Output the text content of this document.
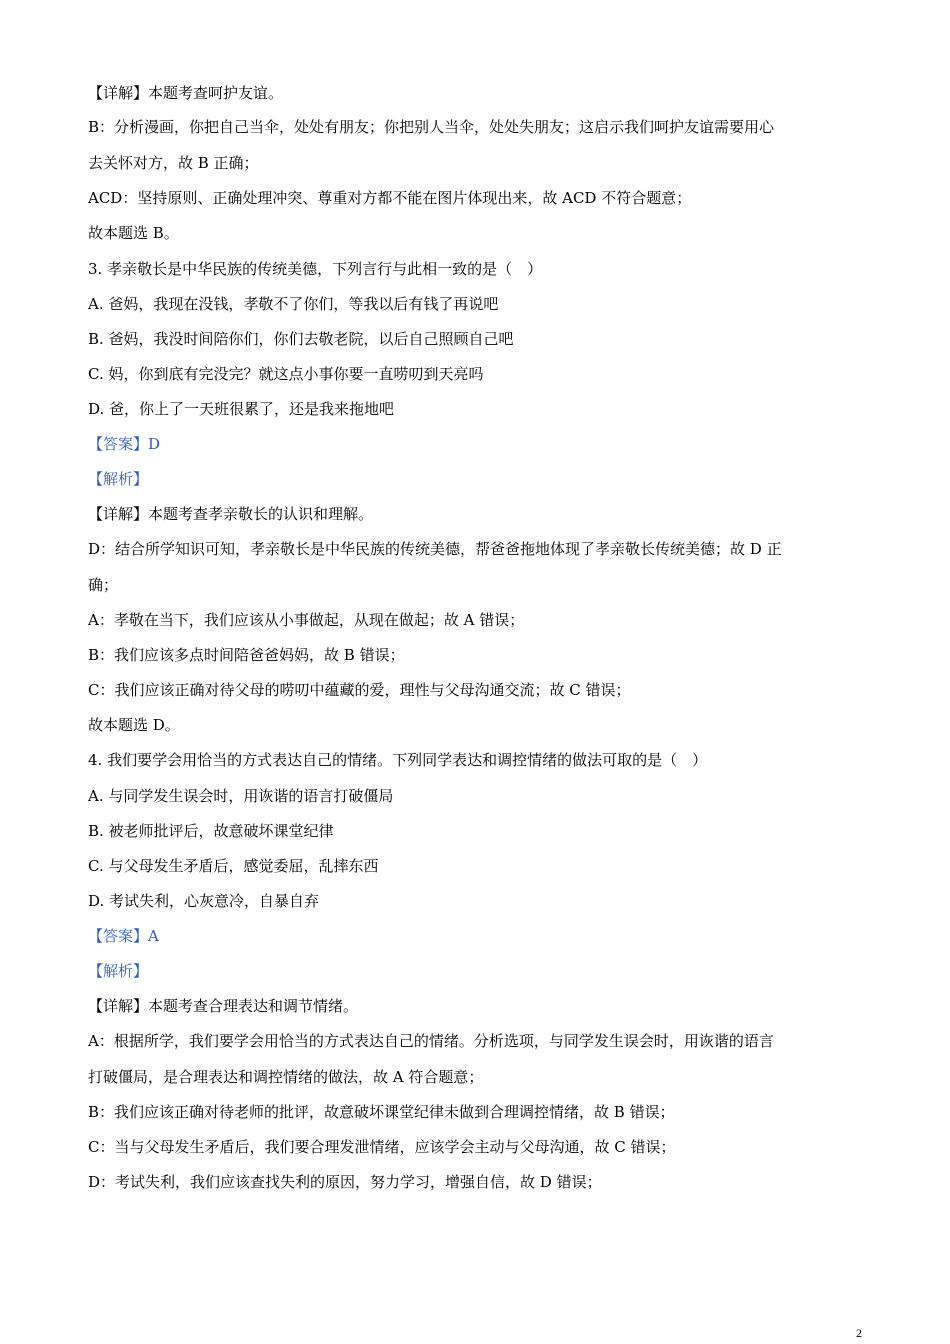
【详解】本题考查呵护友谊。
B：分析漫画，你把自己当伞，处处有朋友；你把别人当伞，处处失朋友；这启示我们呵护友谊需要用心
去关怀对方，故 B 正确；
ACD：坚持原则、正确处理冲突、尊重对方都不能在图片体现出来，故 ACD 不符合题意；
故本题选 B。
3. 孝亲敬长是中华民族的传统美德，下列言行与此相一致的是（　）
A. 爸妈，我现在没钱，孝敬不了你们，等我以后有钱了再说吧
B. 爸妈，我没时间陪你们，你们去敬老院，以后自己照顾自己吧
C. 妈，你到底有完没完？就这点小事你要一直唠叨到天亮吗
D. 爸，你上了一天班很累了，还是我来拖地吧
【答案】D
【解析】
【详解】本题考查孝亲敬长的认识和理解。
D：结合所学知识可知，孝亲敬长是中华民族的传统美德，帮爸爸拖地体现了孝亲敬长传统美德；故 D 正
确；
A：孝敬在当下，我们应该从小事做起，从现在做起；故 A 错误；
B：我们应该多点时间陪爸爸妈妈，故 B 错误；
C：我们应该正确对待父母的唠叨中蕴藏的爱，理性与父母沟通交流；故 C 错误；
故本题选 D。
4. 我们要学会用恰当的方式表达自己的情绪。下列同学表达和调控情绪的做法可取的是（　）
A. 与同学发生误会时，用诙谐的语言打破僵局
B. 被老师批评后，故意破坏课堂纪律
C. 与父母发生矛盾后，感觉委屈，乱摔东西
D. 考试失利，心灰意冷，自暴自弃
【答案】A
【解析】
【详解】本题考查合理表达和调节情绪。
A：根据所学，我们要学会用恰当的方式表达自己的情绪。分析选项，与同学发生误会时，用诙谐的语言
打破僵局，是合理表达和调控情绪的做法，故 A 符合题意；
B：我们应该正确对待老师的批评，故意破坏课堂纪律未做到合理调控情绪，故 B 错误；
C：当与父母发生矛盾后，我们要合理发泄情绪，应该学会主动与父母沟通，故 C 错误；
D：考试失利，我们应该查找失利的原因，努力学习，增强自信，故 D 错误；
2
